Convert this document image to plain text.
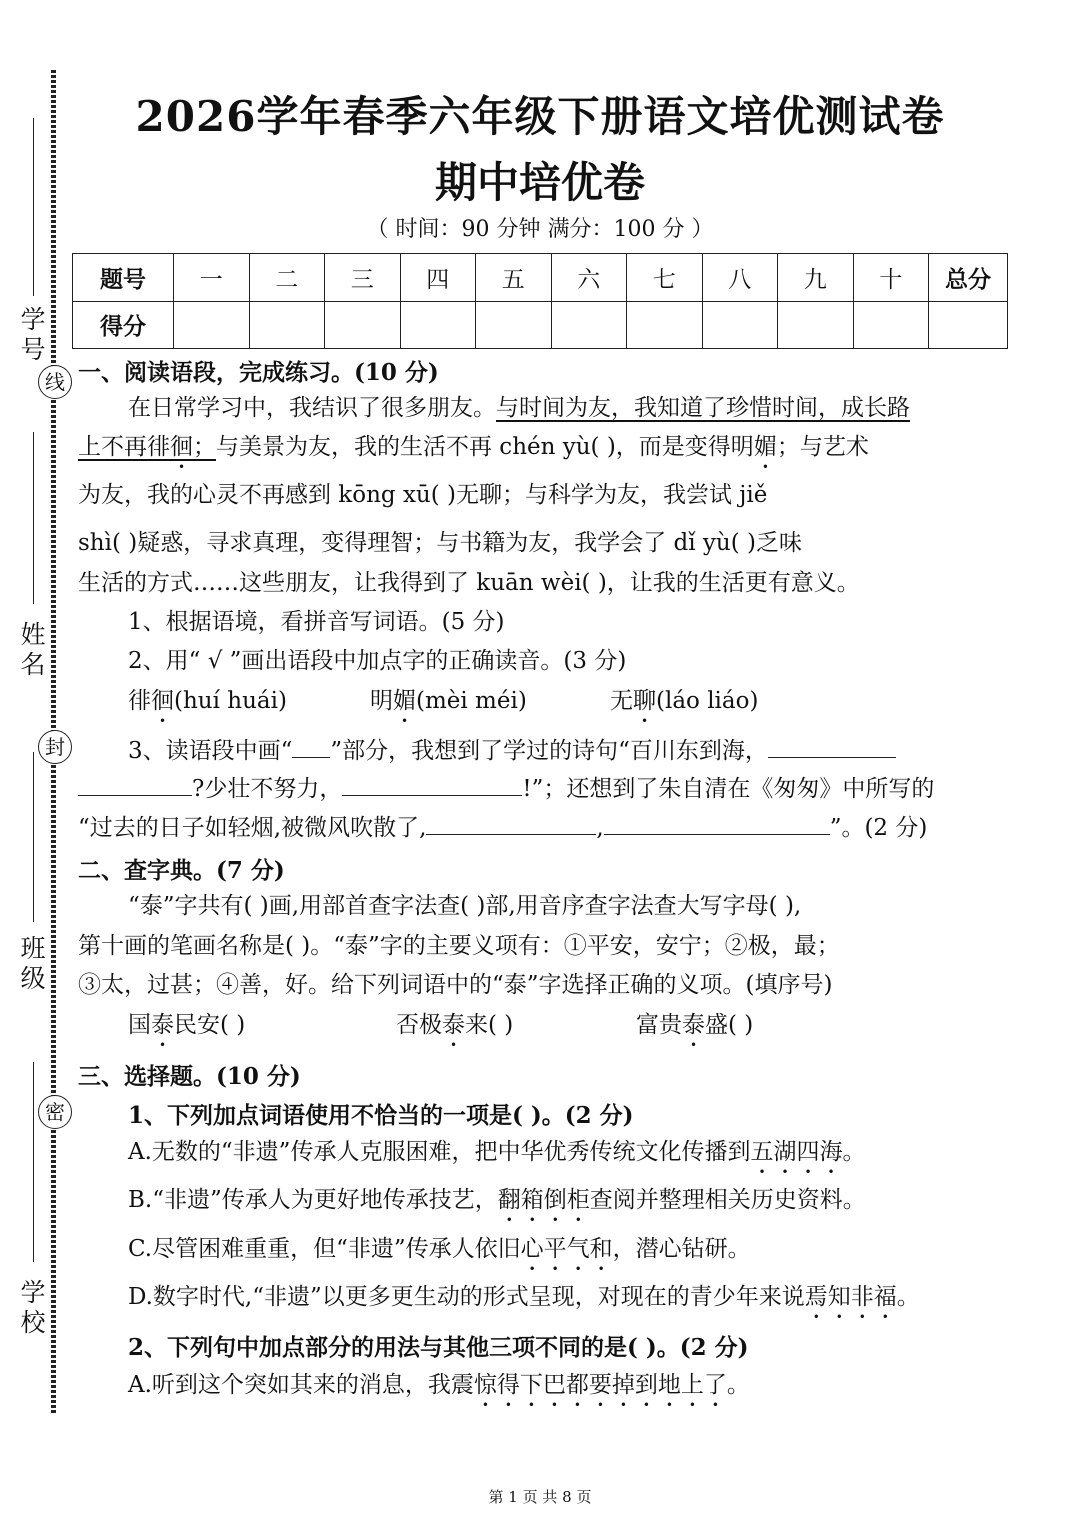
学 号
姓 名
班 级
学 校
线
封
密
2026学年春季六年级下册语文培优测试卷
期中培优卷
（ 时间：90 分钟 满分：100 分 ）
题号	一	二	三	四	五	六	七	八	九	十	总分
得分											
一、阅读语段，完成练习。(10 分)
在日常学习中，我结识了很多朋友。与时间为友，我知道了珍惜时间，成长路
上不再徘徊；与美景为友，我的生活不再 chén yù( )，而是变得明媚；与艺术
为友，我的心灵不再感到 kōng xū( )无聊；与科学为友，我尝试 jiě
shì( )疑惑，寻求真理，变得理智；与书籍为友，我学会了 dǐ yù( )乏味
生活的方式……这些朋友，让我得到了 kuān wèi( )，让我的生活更有意义。
1、根据语境，看拼音写词语。(5 分)
2、用“ √ ”画出语段中加点字的正确读音。(3 分)
徘徊(huí huái)	明媚(mèi méi)	无聊(láo liáo)
3、读语段中画“ ”部分，我想到了学过的诗句“百川东到海，
?少壮不努力，	!”；还想到了朱自清在《匆匆》中所写的
“过去的日子如轻烟,被微风吹散了,	,	”。(2 分)
二、查字典。(7 分)
“泰”字共有( )画,用部首查字法查( )部,用音序查字法查大写字母( ),
第十画的笔画名称是( )。“泰”字的主要义项有：①平安，安宁；②极，最；
③太，过甚；④善，好。给下列词语中的“泰”字选择正确的义项。(填序号)
国泰民安( )	否极泰来( )	富贵泰盛( )
三、选择题。(10 分)
1、下列加点词语使用不恰当的一项是( )。(2 分)
A.无数的“非遗”传承人克服困难，把中华优秀传统文化传播到五湖四海。
B.“非遗”传承人为更好地传承技艺，翻箱倒柜查阅并整理相关历史资料。
C.尽管困难重重，但“非遗”传承人依旧心平气和，潜心钻研。
D.数字时代,“非遗”以更多更生动的形式呈现，对现在的青少年来说焉知非福。
2、下列句中加点部分的用法与其他三项不同的是( )。(2 分)
A.听到这个突如其来的消息，我震惊得下巴都要掉到地上了。
第 1 页 共 8 页
